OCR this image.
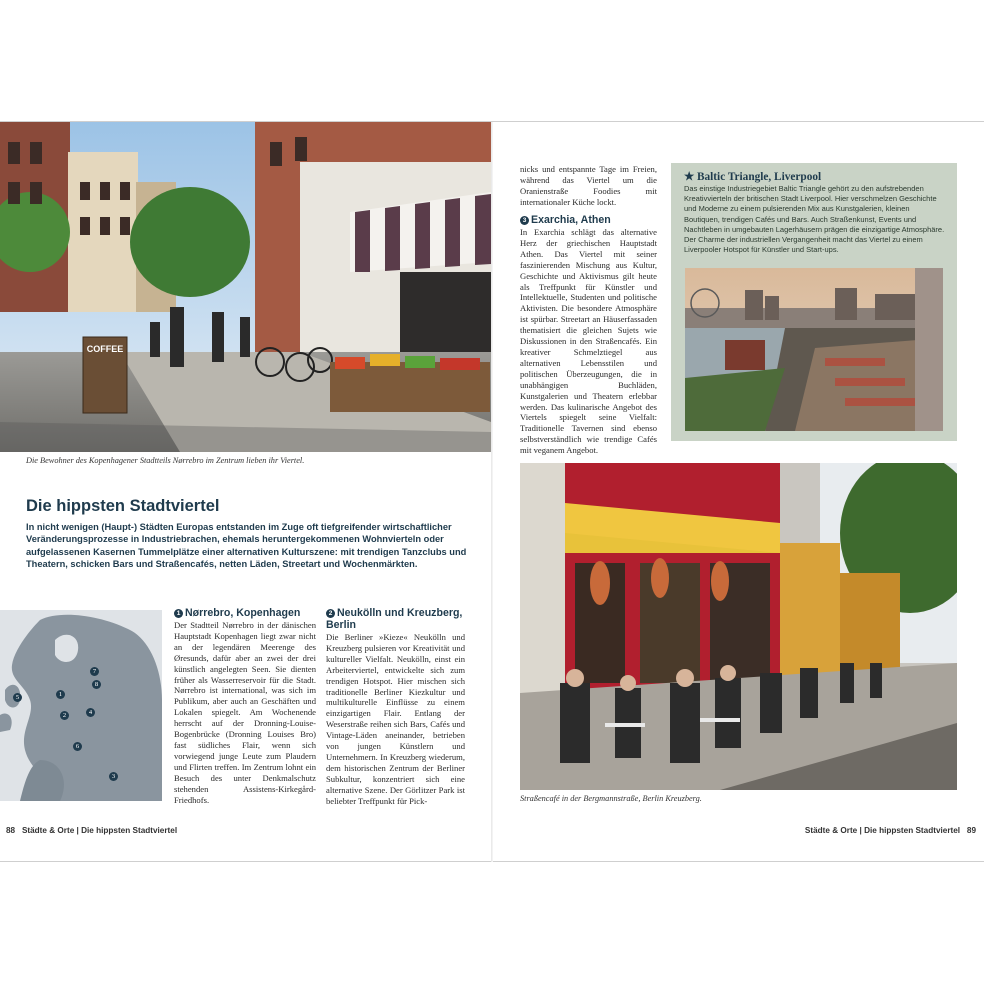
COFFEE
Die Bewohner des Kopenhagener Stadtteils Nørrebro im Zentrum lieben ihr Viertel.
Die hippsten Stadtviertel
In nicht wenigen (Haupt-) Städten Europas entstanden im Zuge oft tiefgreifender wirtschaftlicher Veränderungsprozesse in Industriebrachen, ehemals heruntergekommenen Wohnvierteln oder aufgelassenen Kasernen Tummelplätze einer alternativen Kulturszene: mit trendigen Tanzclubs und Theatern, schicken Bars und Straßencafés, netten Läden, Streetart und Wochenmärkten.
1
2
3
4
5
6
7
8
1 Nørrebro, Kopenhagen

Der Stadtteil Nørrebro in der dänischen Hauptstadt Kopenhagen liegt zwar nicht an der legendären Meerenge des Øresunds, dafür aber an zwei der drei künstlich angelegten Seen. Sie dienten früher als Wasserreservoir für die Stadt. Nørrebro ist international, was sich im Publikum, aber auch an Geschäften und Lokalen spiegelt. Am Wochenende herrscht auf der Dronning-Louise-Bogenbrücke (Dronning Louises Bro) fast südliches Flair, wenn sich vorwiegend junge Leute zum Plaudern und Flirten treffen. Im Zentrum lohnt ein Besuch des unter Denkmalschutz stehenden Assistens-Kirkegård-Friedhofs.

2 Neukölln und Kreuzberg, Berlin

Die Berliner »Kieze« Neukölln und Kreuzberg pulsieren vor Kreativität und kultureller Vielfalt. Neukölln, einst ein Arbeiterviertel, entwickelte sich zum trendigen Hotspot. Hier mischen sich traditionelle Berliner Kiezkultur und multikulturelle Einflüsse zu einem einzigartigen Flair. Entlang der Weserstraße reihen sich Bars, Cafés und Vintage-Läden aneinander, betrieben von jungen Künstlern und Unternehmern. In Kreuzberg wiederum, dem historischen Zentrum der Berliner Subkultur, konzentriert sich eine alternative Szene. Der Görlitzer Park ist beliebter Treffpunkt für Pick-

nicks und entspannte Tage im Freien, während das Viertel um die Oranienstraße Foodies mit internationaler Küche lockt.

3 Exarchia, Athen

In Exarchia schlägt das alternative Herz der griechischen Hauptstadt Athen. Das Viertel mit seiner faszinierenden Mischung aus Kultur, Geschichte und Aktivismus gilt heute als Treffpunkt für Künstler und Intellektuelle, Studenten und politische Aktivisten. Die besondere Atmosphäre ist spürbar. Streetart an Häuserfassaden thematisiert die gleichen Sujets wie Diskussionen in den Straßencafés. Ein kreativer Schmelztiegel aus alternativen Lebensstilen und politischen Überzeugungen, die in unabhängigen Buchläden, Kunstgalerien und Theatern erlebbar werden. Das kulinarische Angebot des Viertels spiegelt seine Vielfalt: Traditionelle Tavernen sind ebenso selbstverständlich wie trendige Cafés mit veganem Angebot.

★ Baltic Triangle, Liverpool
Das einstige Industriegebiet Baltic Triangle gehört zu den aufstrebenden Kreativvierteln der britischen Stadt Liverpool. Hier verschmelzen Geschichte und Moderne zu einem pulsierenden Mix aus Kunstgalerien, kleinen Boutiquen, trendigen Cafés und Bars. Auch Straßenkunst, Events und Nachtleben in umgebauten Lagerhäusern prägen die einzigartige Atmosphäre. Der Charme der industriellen Vergangenheit macht das Viertel zu einem Liverpooler Hotspot für Künstler und Start-ups.
Straßencafé in der Bergmannstraße, Berlin Kreuzberg.
88 Städte & Orte | Die hippsten Stadtviertel	Städte & Orte | Die hippsten Stadtviertel 89
